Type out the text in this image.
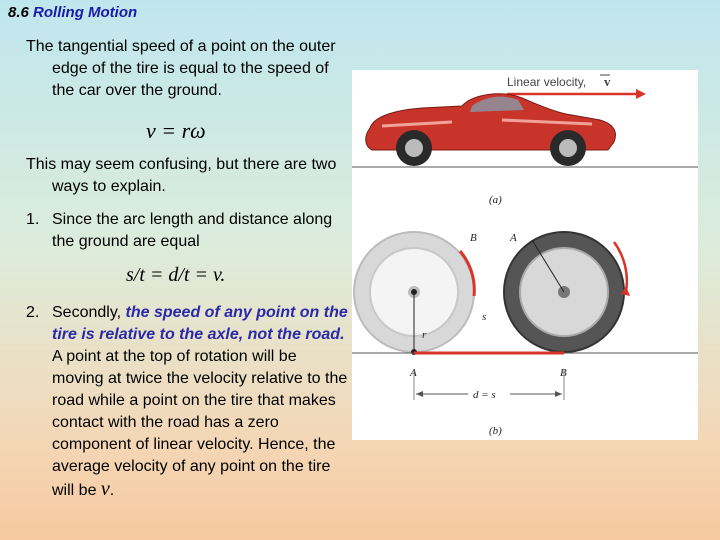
8.6 Rolling Motion

The tangential speed of a point on the outer edge of the tire is equal to the speed of the car over the ground.

v = rω

This may seem confusing, but there are two ways to explain.

1. Since the arc length and distance along the ground are equal
s/t = d/t = v.
2. Secondly, the speed of any point on the tire is relative to the axle, not the road. A point at the top of rotation will be moving at twice the velocity relative to the road while a point on the tire that makes contact with the road has a zero component of linear velocity. Hence, the average velocity of any point on the tire will be v.
Linear velocity, v
(a)
B	A
r
s
A	B
d = s
(b)
